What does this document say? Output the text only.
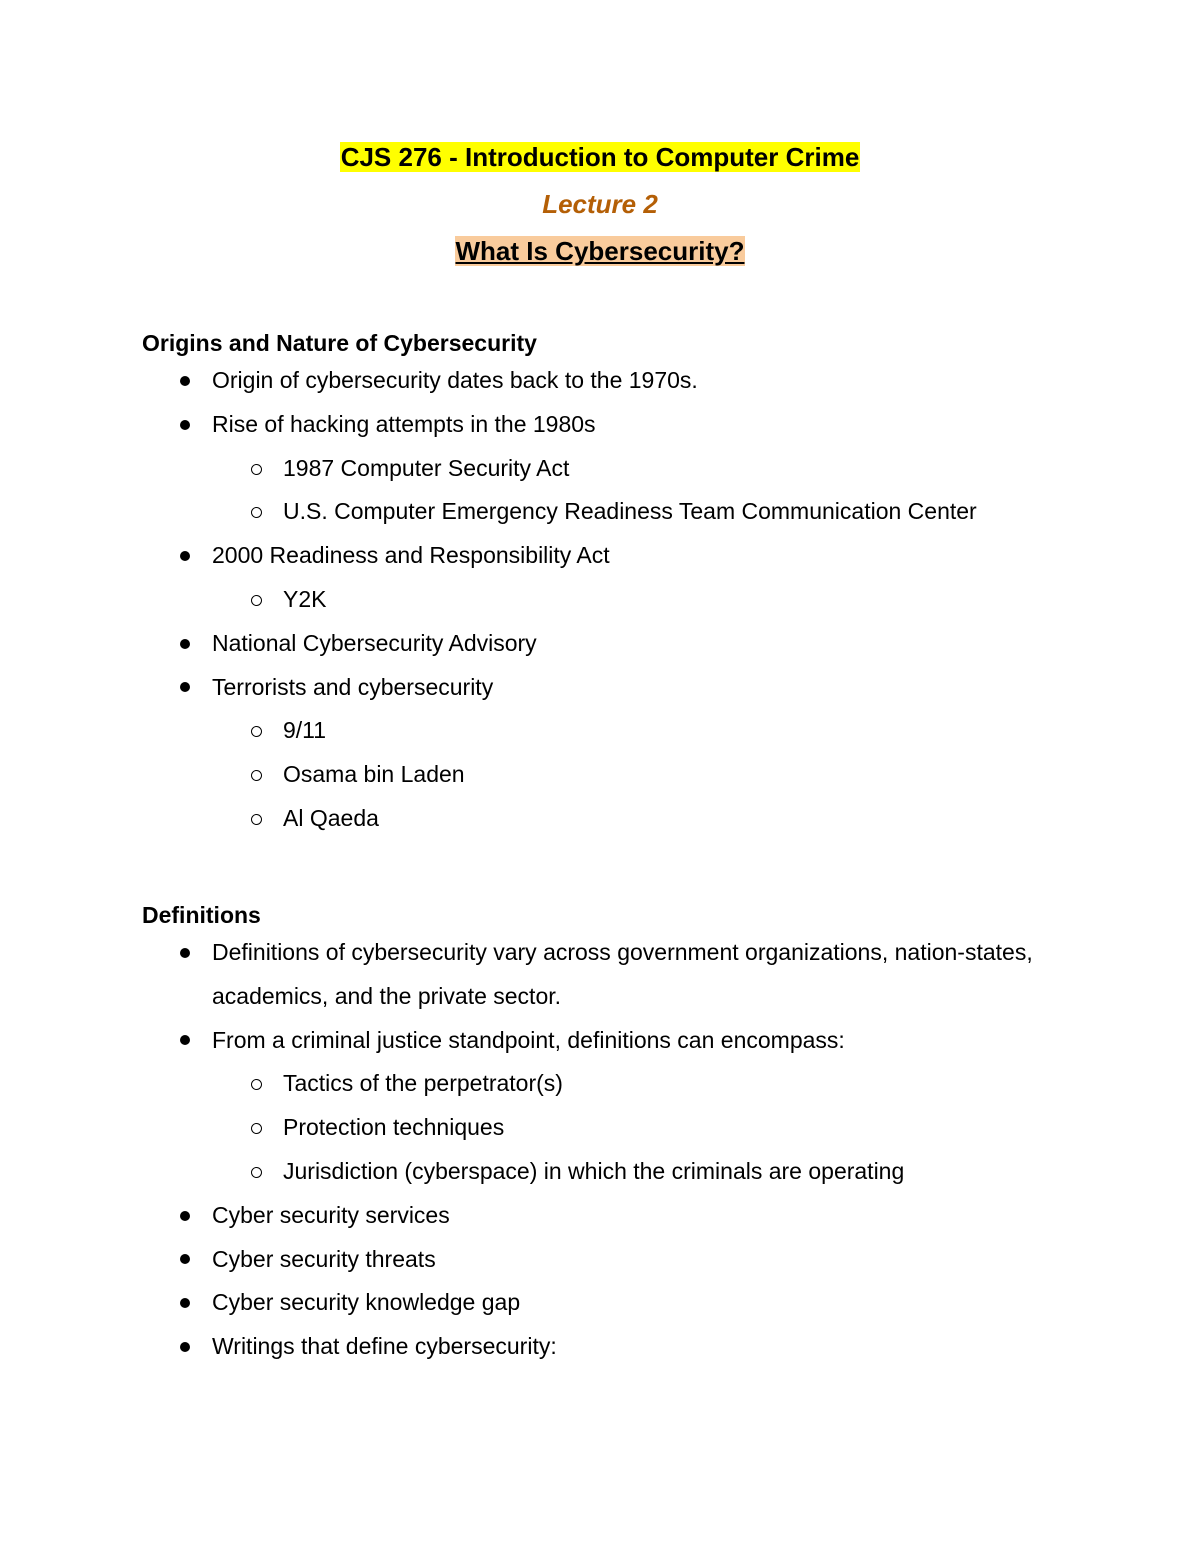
CJS 276 - Introduction to Computer Crime
Lecture 2
What Is Cybersecurity?
Origins and Nature of Cybersecurity
Origin of cybersecurity dates back to the 1970s.
Rise of hacking attempts in the 1980s
1987 Computer Security Act
U.S. Computer Emergency Readiness Team Communication Center
2000 Readiness and Responsibility Act
Y2K
National Cybersecurity Advisory
Terrorists and cybersecurity
9/11
Osama bin Laden
Al Qaeda
Definitions
Definitions of cybersecurity vary across government organizations, nation-states, academics, and the private sector.
From a criminal justice standpoint, definitions can encompass:
Tactics of the perpetrator(s)
Protection techniques
Jurisdiction (cyberspace) in which the criminals are operating
Cyber security services
Cyber security threats
Cyber security knowledge gap
Writings that define cybersecurity:
